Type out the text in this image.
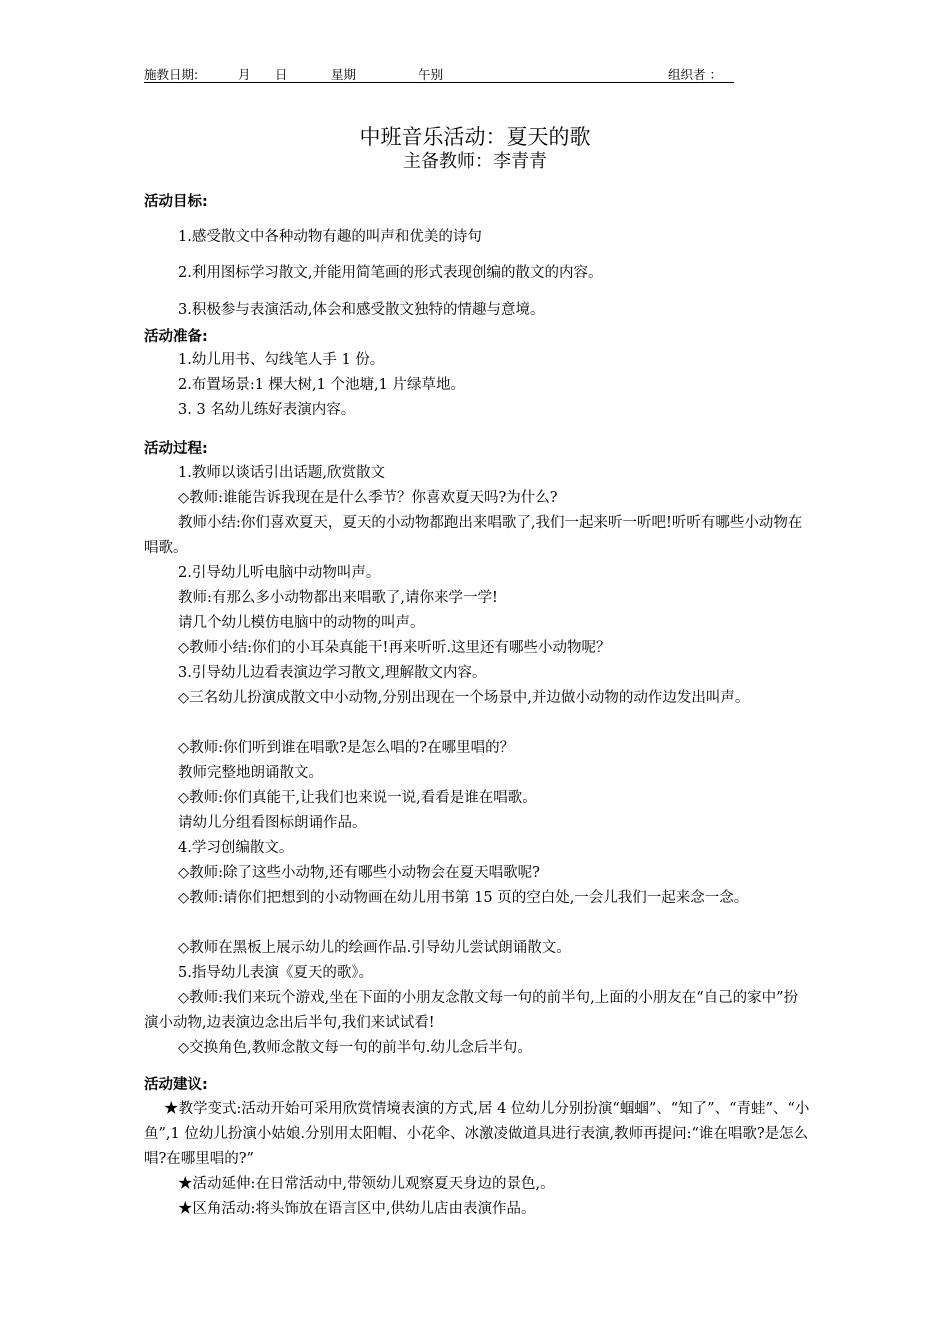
施教日期:	月 日	星期	午别	组织者 ：
中班音乐活动：夏天的歌
主备教师：李青青
活动目标:

1.感受散文中各种动物有趣的叫声和优美的诗句

2.利用图标学习散文,并能用简笔画的形式表现创编的散文的内容。

3.积极参与表演活动,体会和感受散文独特的情趣与意境。

活动准备:

1.幼儿用书、勾线笔人手 1 份。

2.布置场景:1 棵大树,1 个池塘,1 片绿草地。

3. 3 名幼儿练好表演内容。

活动过程:

1.教师以谈话引出话题,欣赏散文

◇教师:谁能告诉我现在是什么季节？你喜欢夏天吗?为什么?

教师小结:你们喜欢夏天，夏天的小动物都跑出来唱歌了,我们一起来听一听吧!听听有哪些小动物在唱歌。

2.引导幼儿听电脑中动物叫声。

教师:有那么多小动物都出来唱歌了,请你来学一学!

请几个幼儿模仿电脑中的动物的叫声。

◇教师小结:你们的小耳朵真能干!再来听听.这里还有哪些小动物呢？

3.引导幼儿边看表演边学习散文,理解散文内容。

◇三名幼儿扮演成散文中小动物,分别出现在一个场景中,并边做小动物的动作边发出叫声。

◇教师:你们听到谁在唱歌?是怎么唱的?在哪里唱的？

教师完整地朗诵散文。

◇教师:你们真能干,让我们也来说一说,看看是谁在唱歌。

请幼儿分组看图标朗诵作品。

4.学习创编散文。

◇教师:除了这些小动物,还有哪些小动物会在夏天唱歌呢?

◇教师:请你们把想到的小动物画在幼儿用书第 15 页的空白处,一会儿我们一起来念一念。

◇教师在黑板上展示幼儿的绘画作品.引导幼儿尝试朗诵散文。

5.指导幼儿表演《夏天的歌》。

◇教师:我们来玩个游戏,坐在下面的小朋友念散文每一句的前半句,上面的小朋友在“自己的家中”扮演小动物,边表演边念出后半句,我们来试试看!

◇交换角色,教师念散文每一句的前半句.幼儿念后半句。

活动建议:

★教学变式:活动开始可采用欣赏情境表演的方式,居 4 位幼儿分别扮演“蝈蝈”、“知了”、“青蛙”、“小鱼”,1 位幼儿扮演小姑娘.分别用太阳帽、小花伞、冰激凌做道具进行表演,教师再提问:“谁在唱歌?是怎么唱?在哪里唱的?”

★活动延伸:在日常活动中,带领幼儿观察夏天身边的景色,。

★区角活动:将头饰放在语言区中,供幼儿店由表演作品。
